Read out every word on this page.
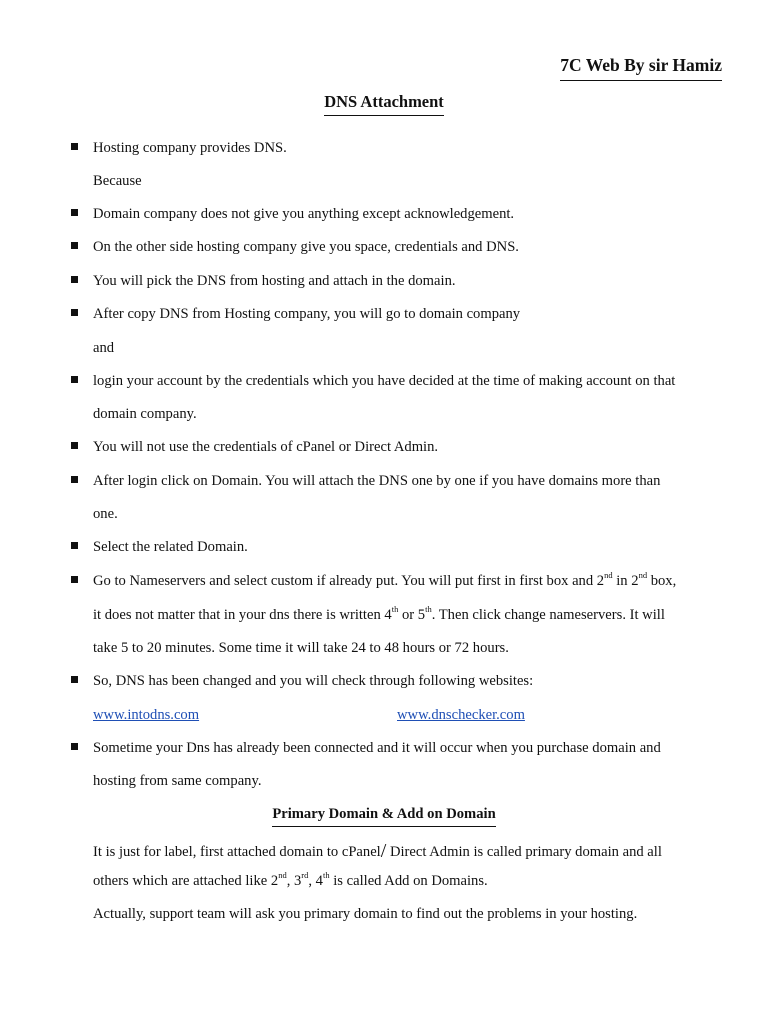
7C Web By sir Hamiz
DNS Attachment
Hosting company provides DNS.
Because
Domain company does not give you anything except acknowledgement.
On the other side hosting company give you space, credentials and DNS.
You will pick the DNS from hosting and attach in the domain.
After copy DNS from Hosting company, you will go to domain company
and
login your account by the credentials which you have decided at the time of making account on that
domain company.
You will not use the credentials of cPanel or Direct Admin.
After login click on Domain. You will attach the DNS one by one if you have domains more than
one.
Select the related Domain.
Go to Nameservers and select custom if already put. You will put first in first box and 2nd in 2nd box,
it does not matter that in your dns there is written 4th or 5th. Then click change nameservers. It will
take 5 to 20 minutes. Some time it will take 24 to 48 hours or 72 hours.
So, DNS has been changed and you will check through following websites:
www.intodns.com	www.dnschecker.com
Sometime your Dns has already been connected and it will occur when you purchase domain and
hosting from same company.
Primary Domain & Add on Domain
It is just for label, first attached domain to cPanel/ Direct Admin is called primary domain and all
others which are attached like 2nd, 3rd, 4th is called Add on Domains.
Actually, support team will ask you primary domain to find out the problems in your hosting.
